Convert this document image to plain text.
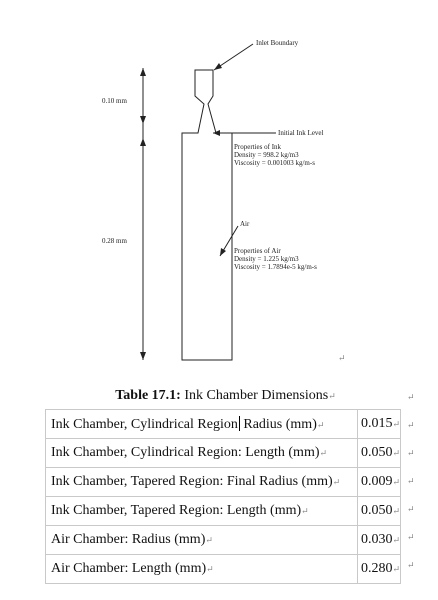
Inlet Boundary
0.10 mm
0.28 mm
Initial Ink Level
Properties of Ink
Density = 998.2 kg/m3
Viscosity = 0.001003 kg/m-s
Air
Properties of Air
Density = 1.225 kg/m3
Viscosity = 1.7894e-5 kg/m-s
↵
Table 17.1: Ink Chamber Dimensions↵	
Ink Chamber, Cylindrical Region Radius (mm)↵	0.015↵
Ink Chamber, Cylindrical Region: Length (mm)↵	0.050↵
Ink Chamber, Tapered Region: Final Radius (mm)↵	0.009↵
Ink Chamber, Tapered Region: Length (mm)↵	0.050↵
Air Chamber: Radius (mm)↵	0.030↵
Air Chamber: Length (mm)↵	0.280↵
↵
↵
↵
↵
↵
↵
↵
